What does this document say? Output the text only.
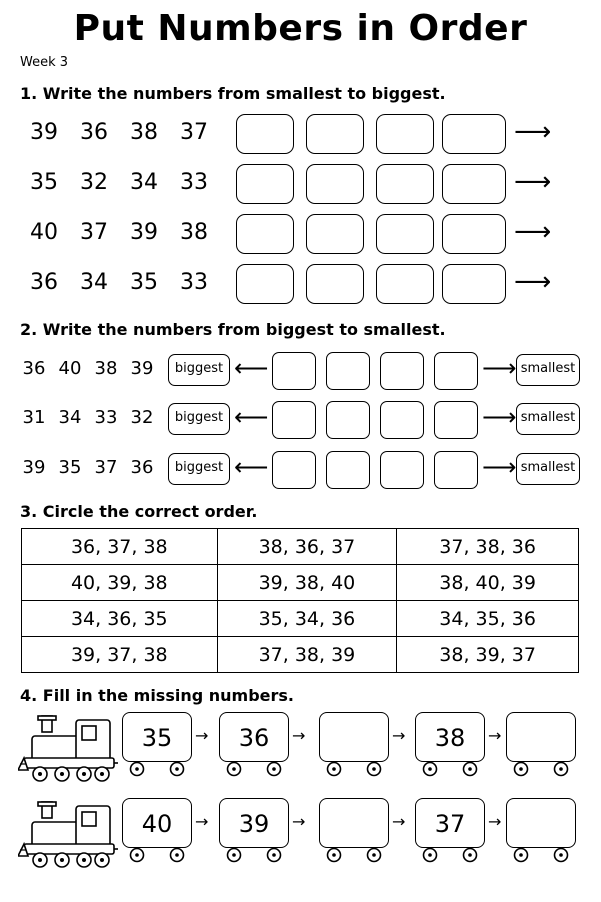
Put Numbers in Order
Week 3
1. Write the numbers from smallest to biggest.
39	36	38	37	⟶
35	32	34	33	⟶
40	37	39	38	⟶
36	34	35	33	⟶
2. Write the numbers from biggest to smallest.
36 40 38 39	biggest ⟵	⟶ smallest
31 34 33 32	biggest ⟵	⟶ smallest
39 35 37 36	biggest ⟵	⟶ smallest
3. Circle the correct order.
36, 37, 38	38, 36, 37	37, 38, 36
40, 39, 38	39, 38, 40	38, 40, 39
34, 36, 35	35, 34, 36	34, 35, 36
39, 37, 38	37, 38, 39	38, 39, 37
4. Fill in the missing numbers.
35	→	36	→	→	38	→
40	→	39	→	→	37	→
